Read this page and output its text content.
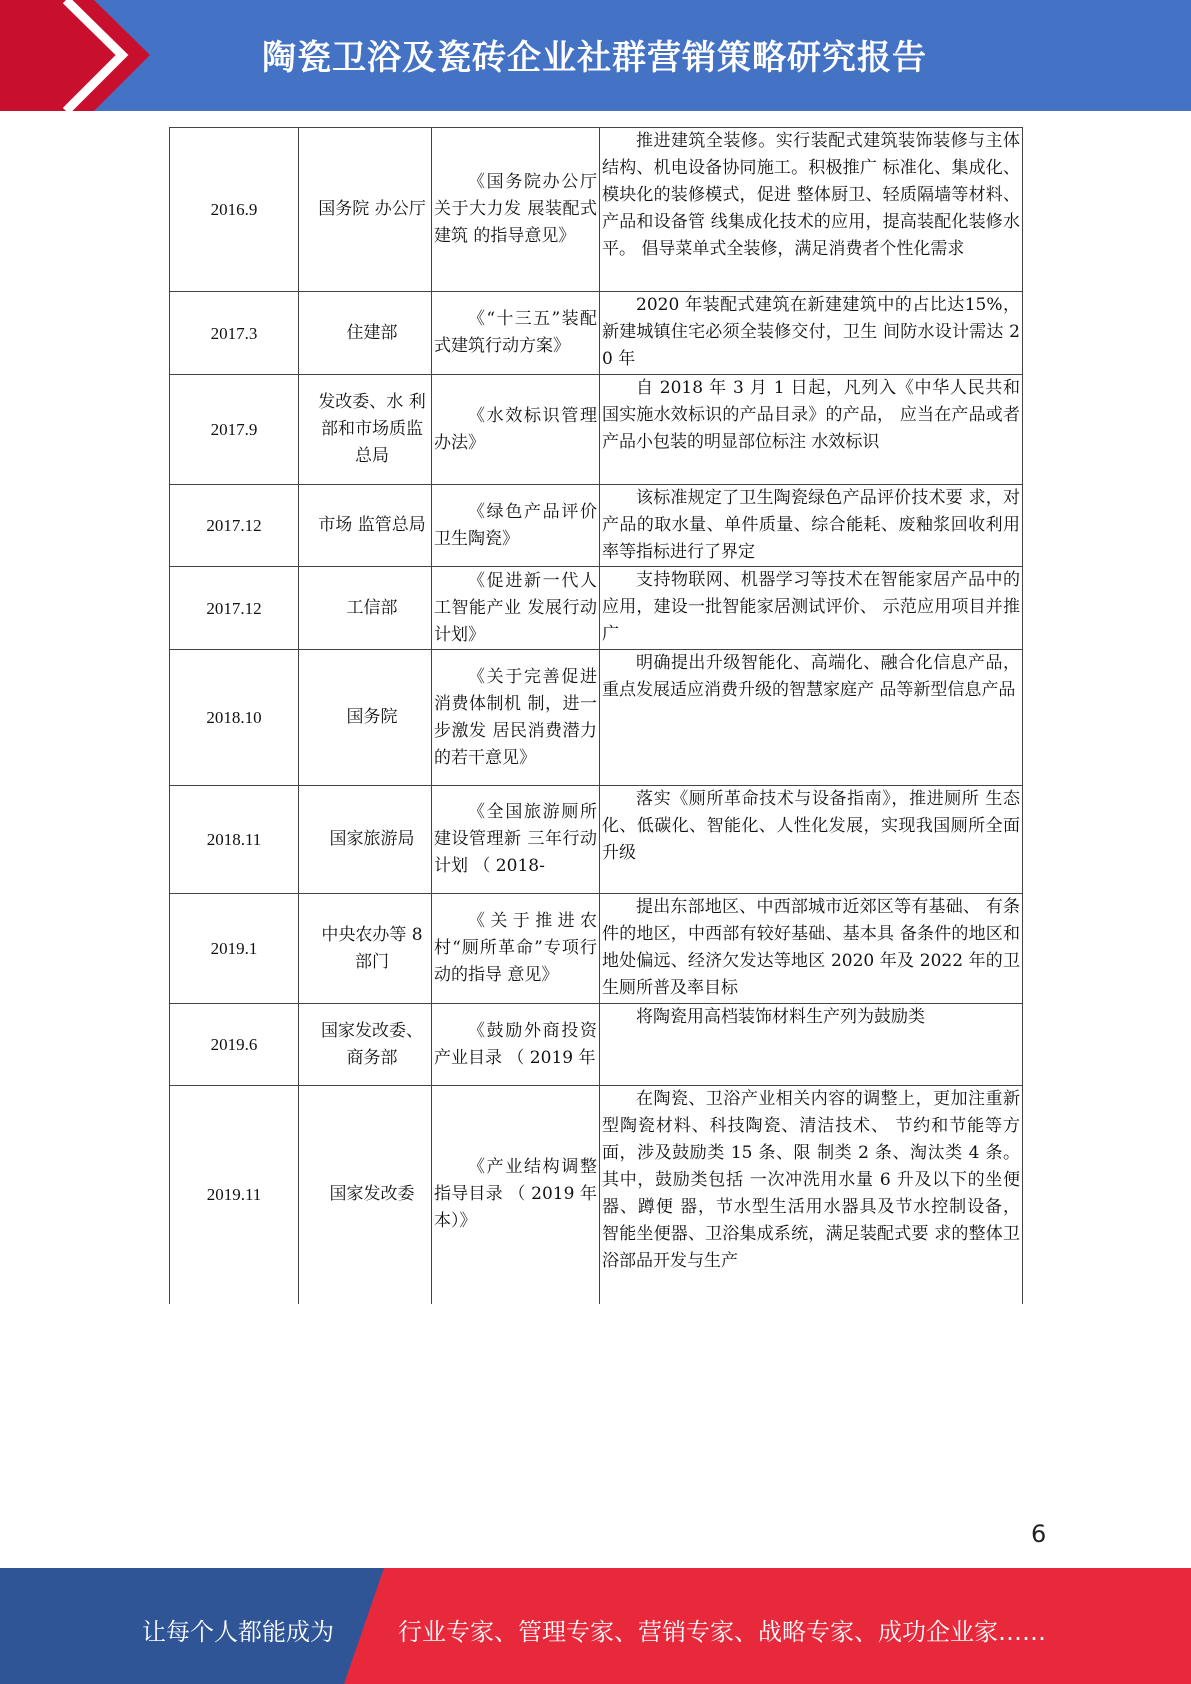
陶瓷卫浴及瓷砖企业社群营销策略研究报告
2016.9	国务院 办公厅	《国务院办公厅关于大力发 展装配式建筑 的指导意见》	推进建筑全装修。实行装配式建筑装饰装修与主体结构、机电设备协同施工。积极推广 标准化、集成化、模块化的装修模式，促进 整体厨卫、轻质隔墙等材料、产品和设备管 线集成化技术的应用，提高装配化装修水平。 倡导菜单式全装修，满足消费者个性化需求
2017.3	住建部	《“十三五”装配 式建筑行动方案》	2020 年装配式建筑在新建建筑中的占比达15%，新建城镇住宅必须全装修交付，卫生 间防水设计需达 20 年
2017.9	发改委、水 利部和市场质监总局	《水效标识管理办法》	自 2018 年 3 月 1 日起，凡列入《中华人民共和国实施水效标识的产品目录》的产品， 应当在产品或者产品小包装的明显部位标注 水效标识
2017.12	市场 监管总局	《绿色产品评价卫生陶瓷》	该标准规定了卫生陶瓷绿色产品评价技术要 求，对产品的取水量、单件质量、综合能耗、废釉浆回收利用率等指标进行了界定
2017.12	工信部	《促进新一代人工智能产业 发展行动计划》	支持物联网、机器学习等技术在智能家居产品中的应用，建设一批智能家居测试评价、 示范应用项目并推广
2018.10	国务院	《关于完善促进消费体制机 制，进一步激发 居民消费潜力 的若干意见》	明确提出升级智能化、高端化、融合化信息产品，重点发展适应消费升级的智慧家庭产 品等新型信息产品
2018.11	国家旅游局	《全国旅游厕所建设管理新 三年行动计划 （ 2018-	落实《厕所革命技术与设备指南》，推进厕所 生态化、低碳化、智能化、人性化发展，实现我国厕所全面升级
2019.1	中央农办等 8 部门	《关于推进农村“厕所革命”专项行动的指导 意见》	提出东部地区、中西部城市近郊区等有基础、 有条件的地区，中西部有较好基础、基本具 备条件的地区和地处偏远、经济欠发达等地区 2020 年及 2022 年的卫生厕所普及率目标
2019.6	国家发改委、商务部	《鼓励外商投资产业目录 （ 2019 年	将陶瓷用高档装饰材料生产列为鼓励类
2019.11	国家发改委	《产业结构调整指导目录 （ 2019 年本）》	在陶瓷、卫浴产业相关内容的调整上，更加注重新型陶瓷材料、科技陶瓷、清洁技术、 节约和节能等方面，涉及鼓励类 15 条、限 制类 2 条、淘汰类 4 条。其中，鼓励类包括 一次冲洗用水量 6 升及以下的坐便器、蹲便 器，节水型生活用水器具及节水控制设备， 智能坐便器、卫浴集成系统，满足装配式要 求的整体卫浴部品开发与生产
6
让每个人都能成为	行业专家、管理专家、营销专家、战略专家、成功企业家……
